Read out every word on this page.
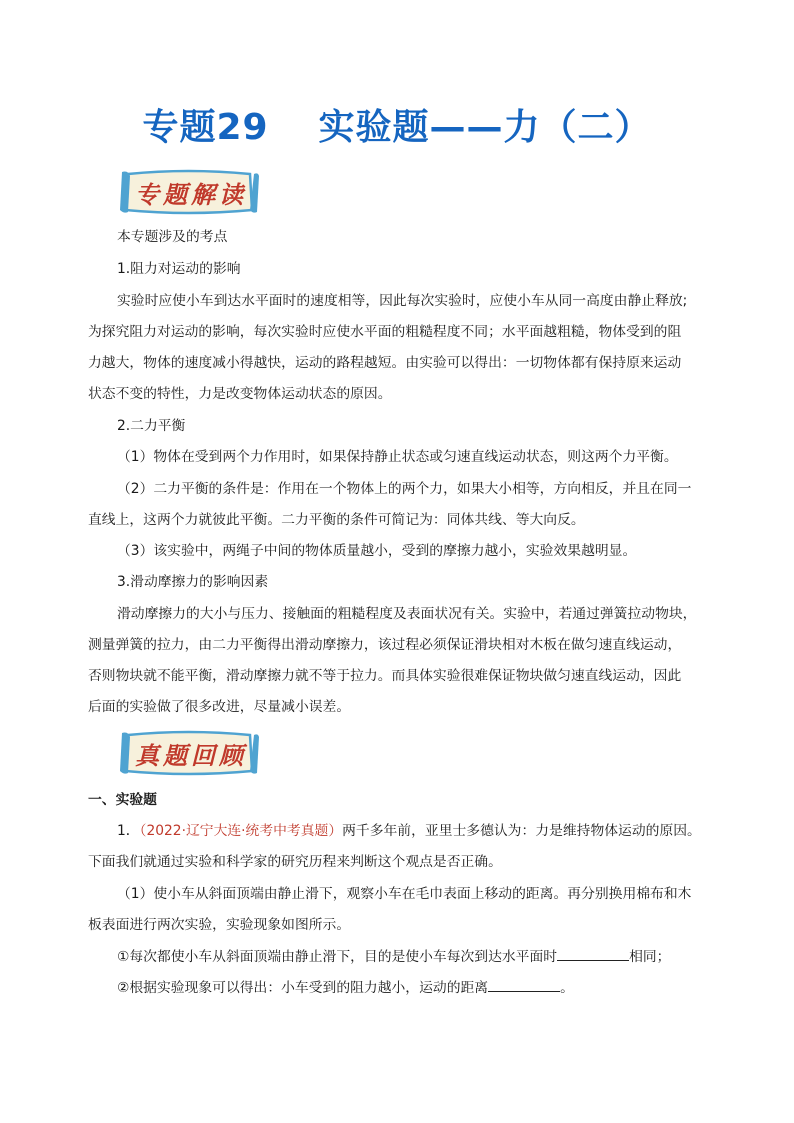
专题29 实验题——力（二）
专题解读
本专题涉及的考点
1.阻力对运动的影响
实验时应使小车到达水平面时的速度相等，因此每次实验时，应使小车从同一高度由静止释放;
为探究阻力对运动的影响，每次实验时应使水平面的粗糙程度不同；水平面越粗糙，物体受到的阻
力越大，物体的速度减小得越快，运动的路程越短。由实验可以得出：一切物体都有保持原来运动
状态不变的特性，力是改变物体运动状态的原因。
2.二力平衡
（1）物体在受到两个力作用时，如果保持静止状态或匀速直线运动状态，则这两个力平衡。
（2）二力平衡的条件是：作用在一个物体上的两个力，如果大小相等，方向相反，并且在同一
直线上，这两个力就彼此平衡。二力平衡的条件可简记为：同体共线、等大向反。
（3）该实验中，两绳子中间的物体质量越小，受到的摩擦力越小，实验效果越明显。
3.滑动摩擦力的影响因素
滑动摩擦力的大小与压力、接触面的粗糙程度及表面状况有关。实验中，若通过弹簧拉动物块，
测量弹簧的拉力，由二力平衡得出滑动摩擦力，该过程必须保证滑块相对木板在做匀速直线运动，
否则物块就不能平衡，滑动摩擦力就不等于拉力。而具体实验很难保证物块做匀速直线运动，因此
后面的实验做了很多改进，尽量减小误差。
真题回顾
一、实验题
1．（2022·辽宁大连·统考中考真题）两千多年前，亚里士多德认为：力是维持物体运动的原因。
下面我们就通过实验和科学家的研究历程来判断这个观点是否正确。
（1）使小车从斜面顶端由静止滑下，观察小车在毛巾表面上移动的距离。再分别换用棉布和木
板表面进行两次实验，实验现象如图所示。
①每次都使小车从斜面顶端由静止滑下，目的是使小车每次到达水平面时	相同；
②根据实验现象可以得出：小车受到的阻力越小，运动的距离	。
